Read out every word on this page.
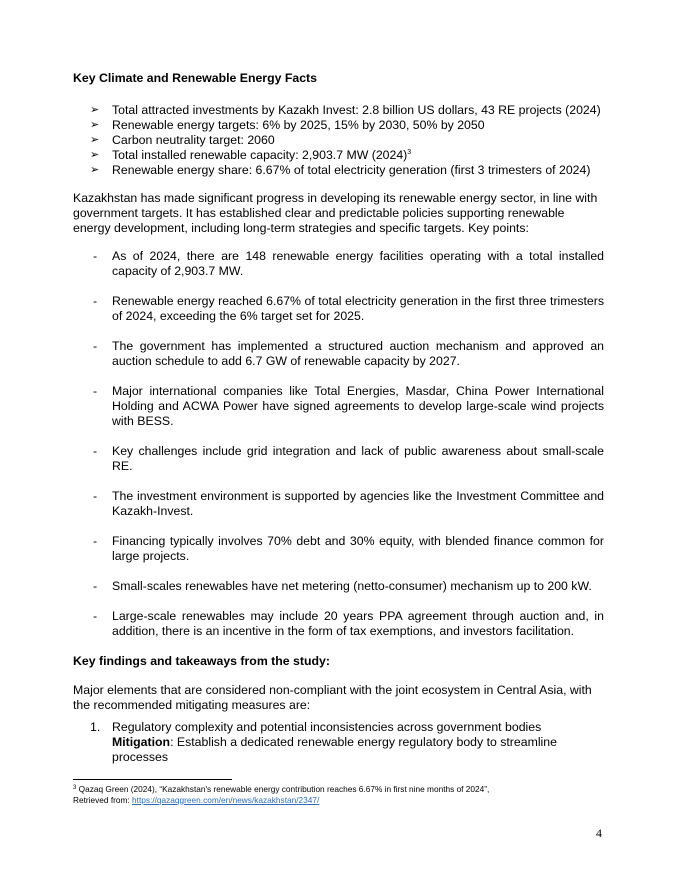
Key Climate and Renewable Energy Facts
➢ Total attracted investments by Kazakh Invest: 2.8 billion US dollars, 43 RE projects (2024)
➢ Renewable energy targets: 6% by 2025, 15% by 2030, 50% by 2050
➢ Carbon neutrality target: 2060
➢ Total installed renewable capacity: 2,903.7 MW $(2024)^3$
➢ Renewable energy share: 6.67% of total electricity generation (first 3 trimesters of 2024)

Kazakhstan has made significant progress in developing its renewable energy sector, in line with government targets. It has established clear and predictable policies supporting renewable energy development, including long-term strategies and specific targets. Key points:

- As of 2024, there are 148 renewable energy facilities operating with a total installed capacity of 2,903.7 MW.
- Renewable energy reached 6.67% of total electricity generation in the first three trimesters of 2024, exceeding the 6% target set for 2025.
- The government has implemented a structured auction mechanism and approved an auction schedule to add 6.7 GW of renewable capacity by 2027.
- Major international companies like Total Energies, Masdar, China Power International Holding and ACWA Power have signed agreements to develop large-scale wind projects with BESS.
- Key challenges include grid integration and lack of public awareness about small-scale RE.
- The investment environment is supported by agencies like the Investment Committee and Kazakh-Invest.
- Financing typically involves 70% debt and 30% equity, with blended finance common for large projects.
- Small-scales renewables have net metering (netto-consumer) mechanism up to 200 kW.
- Large-scale renewables may include 20 years PPA agreement through auction and, in addition, there is an incentive in the form of tax exemptions, and investors facilitation.
Key findings and takeaways from the study:

Major elements that are considered non-compliant with the joint ecosystem in Central Asia, with the recommended mitigating measures are:

1. Regulatory complexity and potential inconsistencies across government bodies
Mitigation: Establish a dedicated renewable energy regulatory body to streamline processes
$^3$ Qazaq Green (2024), “Kazakhstan's renewable energy contribution reaches 6.67% in first nine months of 2024”,
Retrieved from: https://qazaqgreen.com/en/news/kazakhstan/2347/
4
